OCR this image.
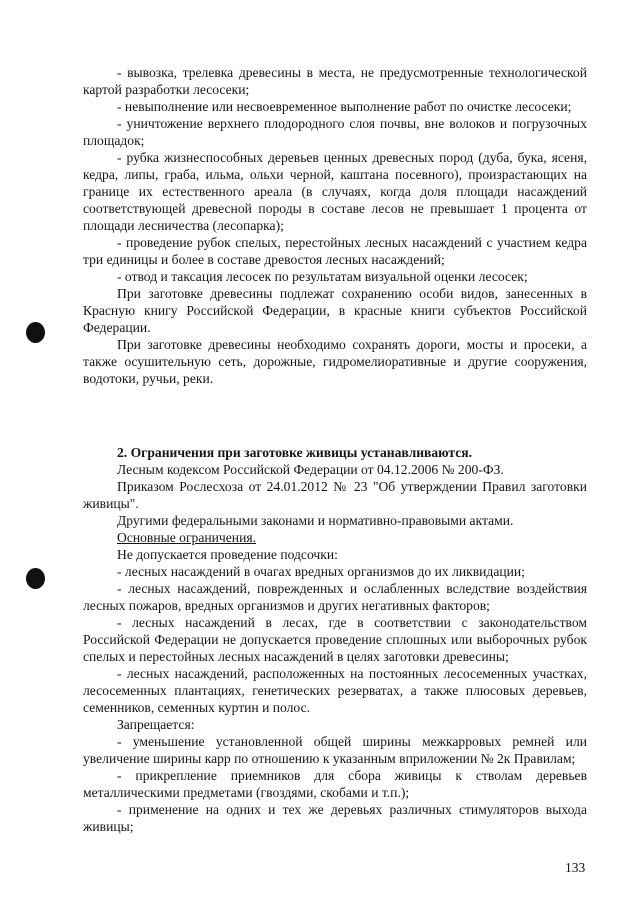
- вывозка, трелевка древесины в места, не предусмотренные технологической картой разработки лесосеки;

- невыполнение или несвоевременное выполнение работ по очистке лесосеки;

- уничтожение верхнего плодородного слоя почвы, вне волоков и погрузочных площадок;

- рубка жизнеспособных деревьев ценных древесных пород (дуба, бука, ясеня, кедра, липы, граба, ильма, ольхи черной, каштана посевного), произрастающих на границе их естественного ареала (в случаях, когда доля площади насаждений соответствующей древесной породы в составе лесов не превышает 1 процента от площади лесничества (лесопарка);

- проведение рубок спелых, перестойных лесных насаждений с участием кедра три единицы и более в составе древостоя лесных насаждений;

- отвод и таксация лесосек по результатам визуальной оценки лесосек;

При заготовке древесины подлежат сохранению особи видов, занесенных в Красную книгу Российской Федерации, в красные книги субъектов Российской Федерации.

При заготовке древесины необходимо сохранять дороги, мосты и просеки, а также осушительную сеть, дорожные, гидромелиоративные и другие сооружения, водотоки, ручьи, реки.

2. Ограничения при заготовке живицы устанавливаются.

Лесным кодексом Российской Федерации от 04.12.2006 № 200-ФЗ.

Приказом Рослесхоза от 24.01.2012 № 23 "Об утверждении Правил заготовки живицы".

Другими федеральными законами и нормативно-правовыми актами.

Основные ограничения.

Не допускается проведение подсочки:

- лесных насаждений в очагах вредных организмов до их ликвидации;

- лесных насаждений, поврежденных и ослабленных вследствие воздействия лесных пожаров, вредных организмов и других негативных факторов;

- лесных насаждений в лесах, где в соответствии с законодательством Российской Федерации не допускается проведение сплошных или выборочных рубок спелых и перестойных лесных насаждений в целях заготовки древесины;

- лесных насаждений, расположенных на постоянных лесосеменных участках, лесосеменных плантациях, генетических резерватах, а также плюсовых деревьев, семенников, семенных куртин и полос.

Запрещается:

- уменьшение установленной общей ширины межкарровых ремней или увеличение ширины карр по отношению к указанным вприложении № 2к Правилам;

- прикрепление приемников для сбора живицы к стволам деревьев металлическими предметами (гвоздями, скобами и т.п.);

- применение на одних и тех же деревьях различных стимуляторов выхода живицы;

133
